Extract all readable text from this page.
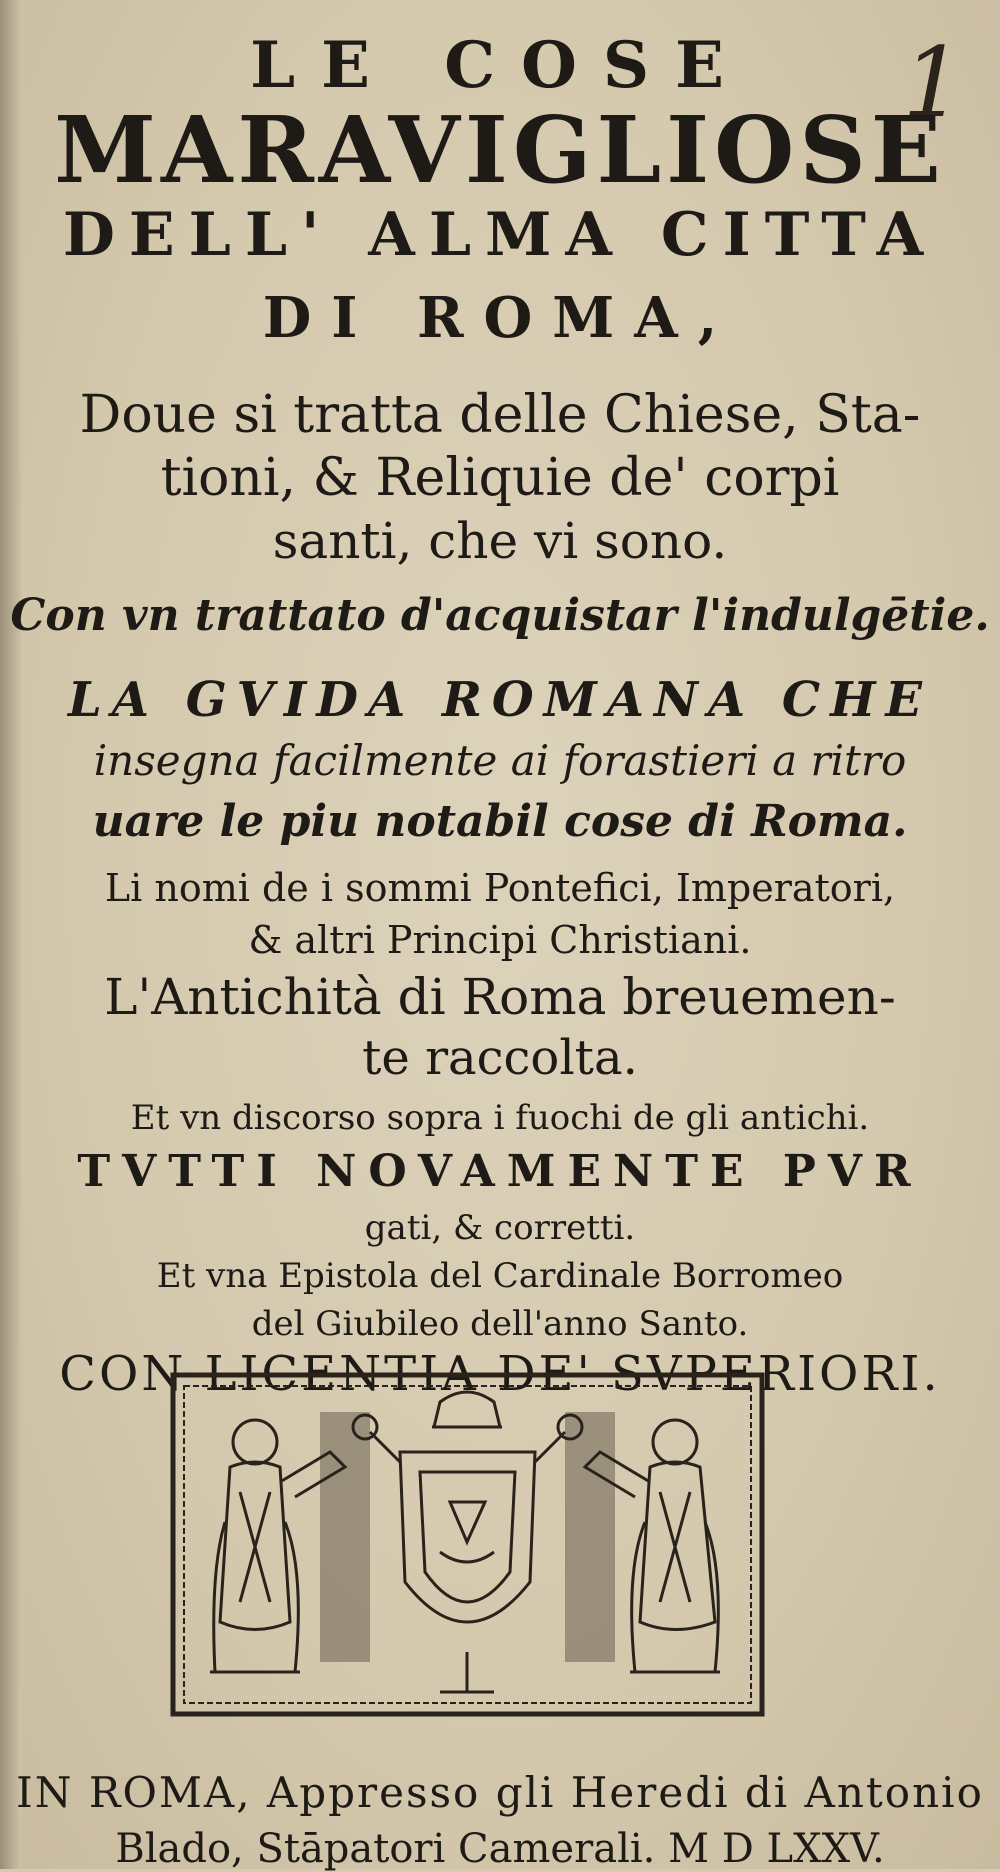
1
LE COSE
MARAVIGLIOSE
DELL' ALMA CITTA
DI ROMA,
Doue si tratta delle Chiese, Sta-
tioni, & Reliquie de' corpi
santi, che vi sono.
Con vn trattato d'acquistar l'indulgētie.
LA GVIDA ROMANA CHE
insegna facilmente ai forastieri a ritro
uare le piu notabil cose di Roma.
Li nomi de i sommi Pontefici, Imperatori,
& altri Principi Christiani.
L'Antichità di Roma breuemen-
te raccolta.
Et vn discorso sopra i fuochi de gli antichi.
TVTTI NOVAMENTE PVR
gati, & corretti.
Et vna Epistola del Cardinale Borromeo
del Giubileo dell'anno Santo.
CON LICENTIA DE' SVPERIORI.
IN ROMA, Appresso gli Heredi di Antonio
Blado, Stāpatori Camerali. M D LXXV.
